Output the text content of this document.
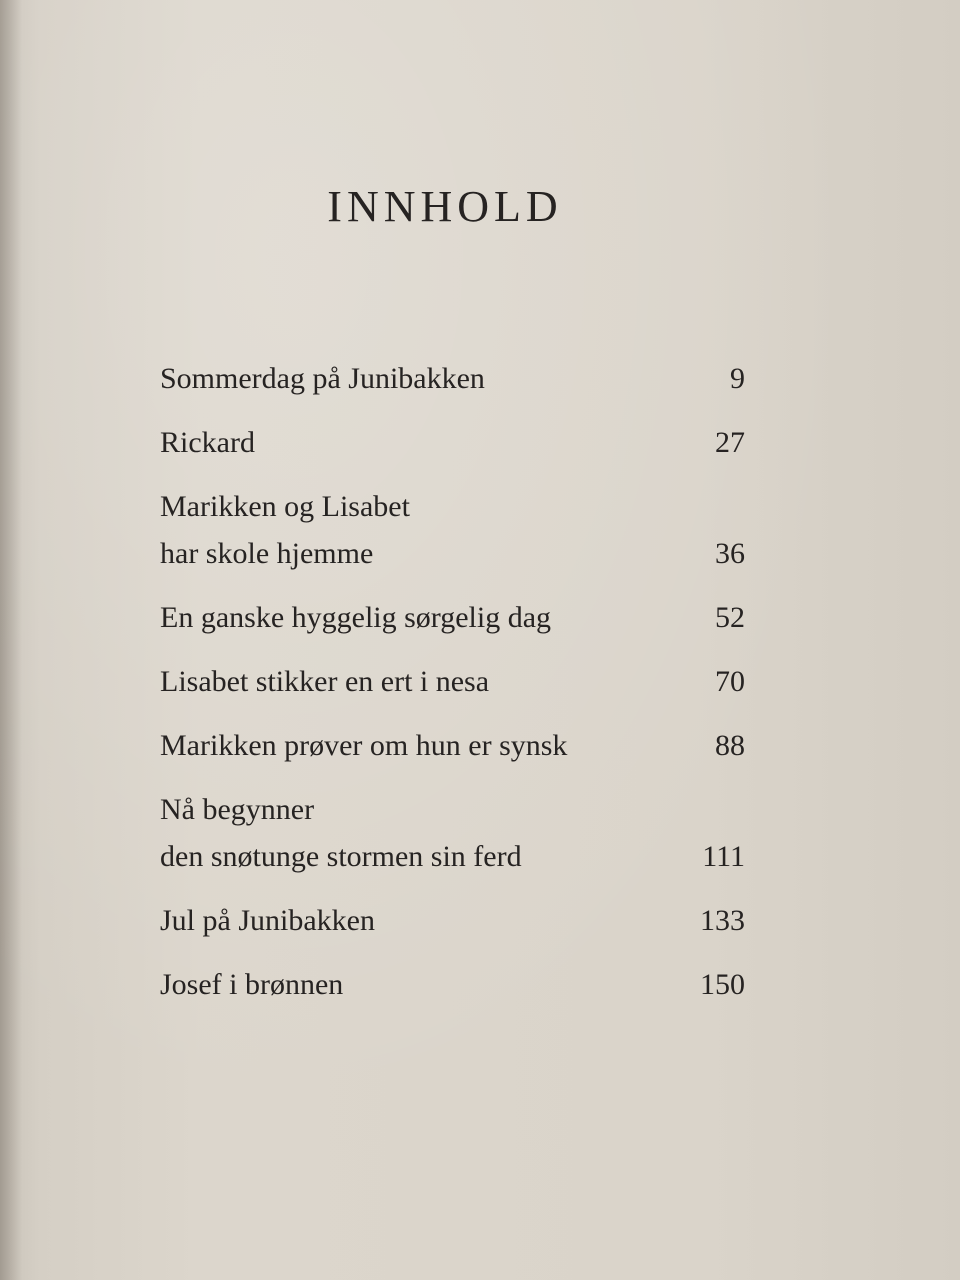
INNHOLD
Sommerdag på Junibakken	9
Rickard	27
Marikken og Lisabet
har skole hjemme	36
En ganske hyggelig sørgelig dag	52
Lisabet stikker en ert i nesa	70
Marikken prøver om hun er synsk	88
Nå begynner
den snøtunge stormen sin ferd	111
Jul på Junibakken	133
Josef i brønnen	150
